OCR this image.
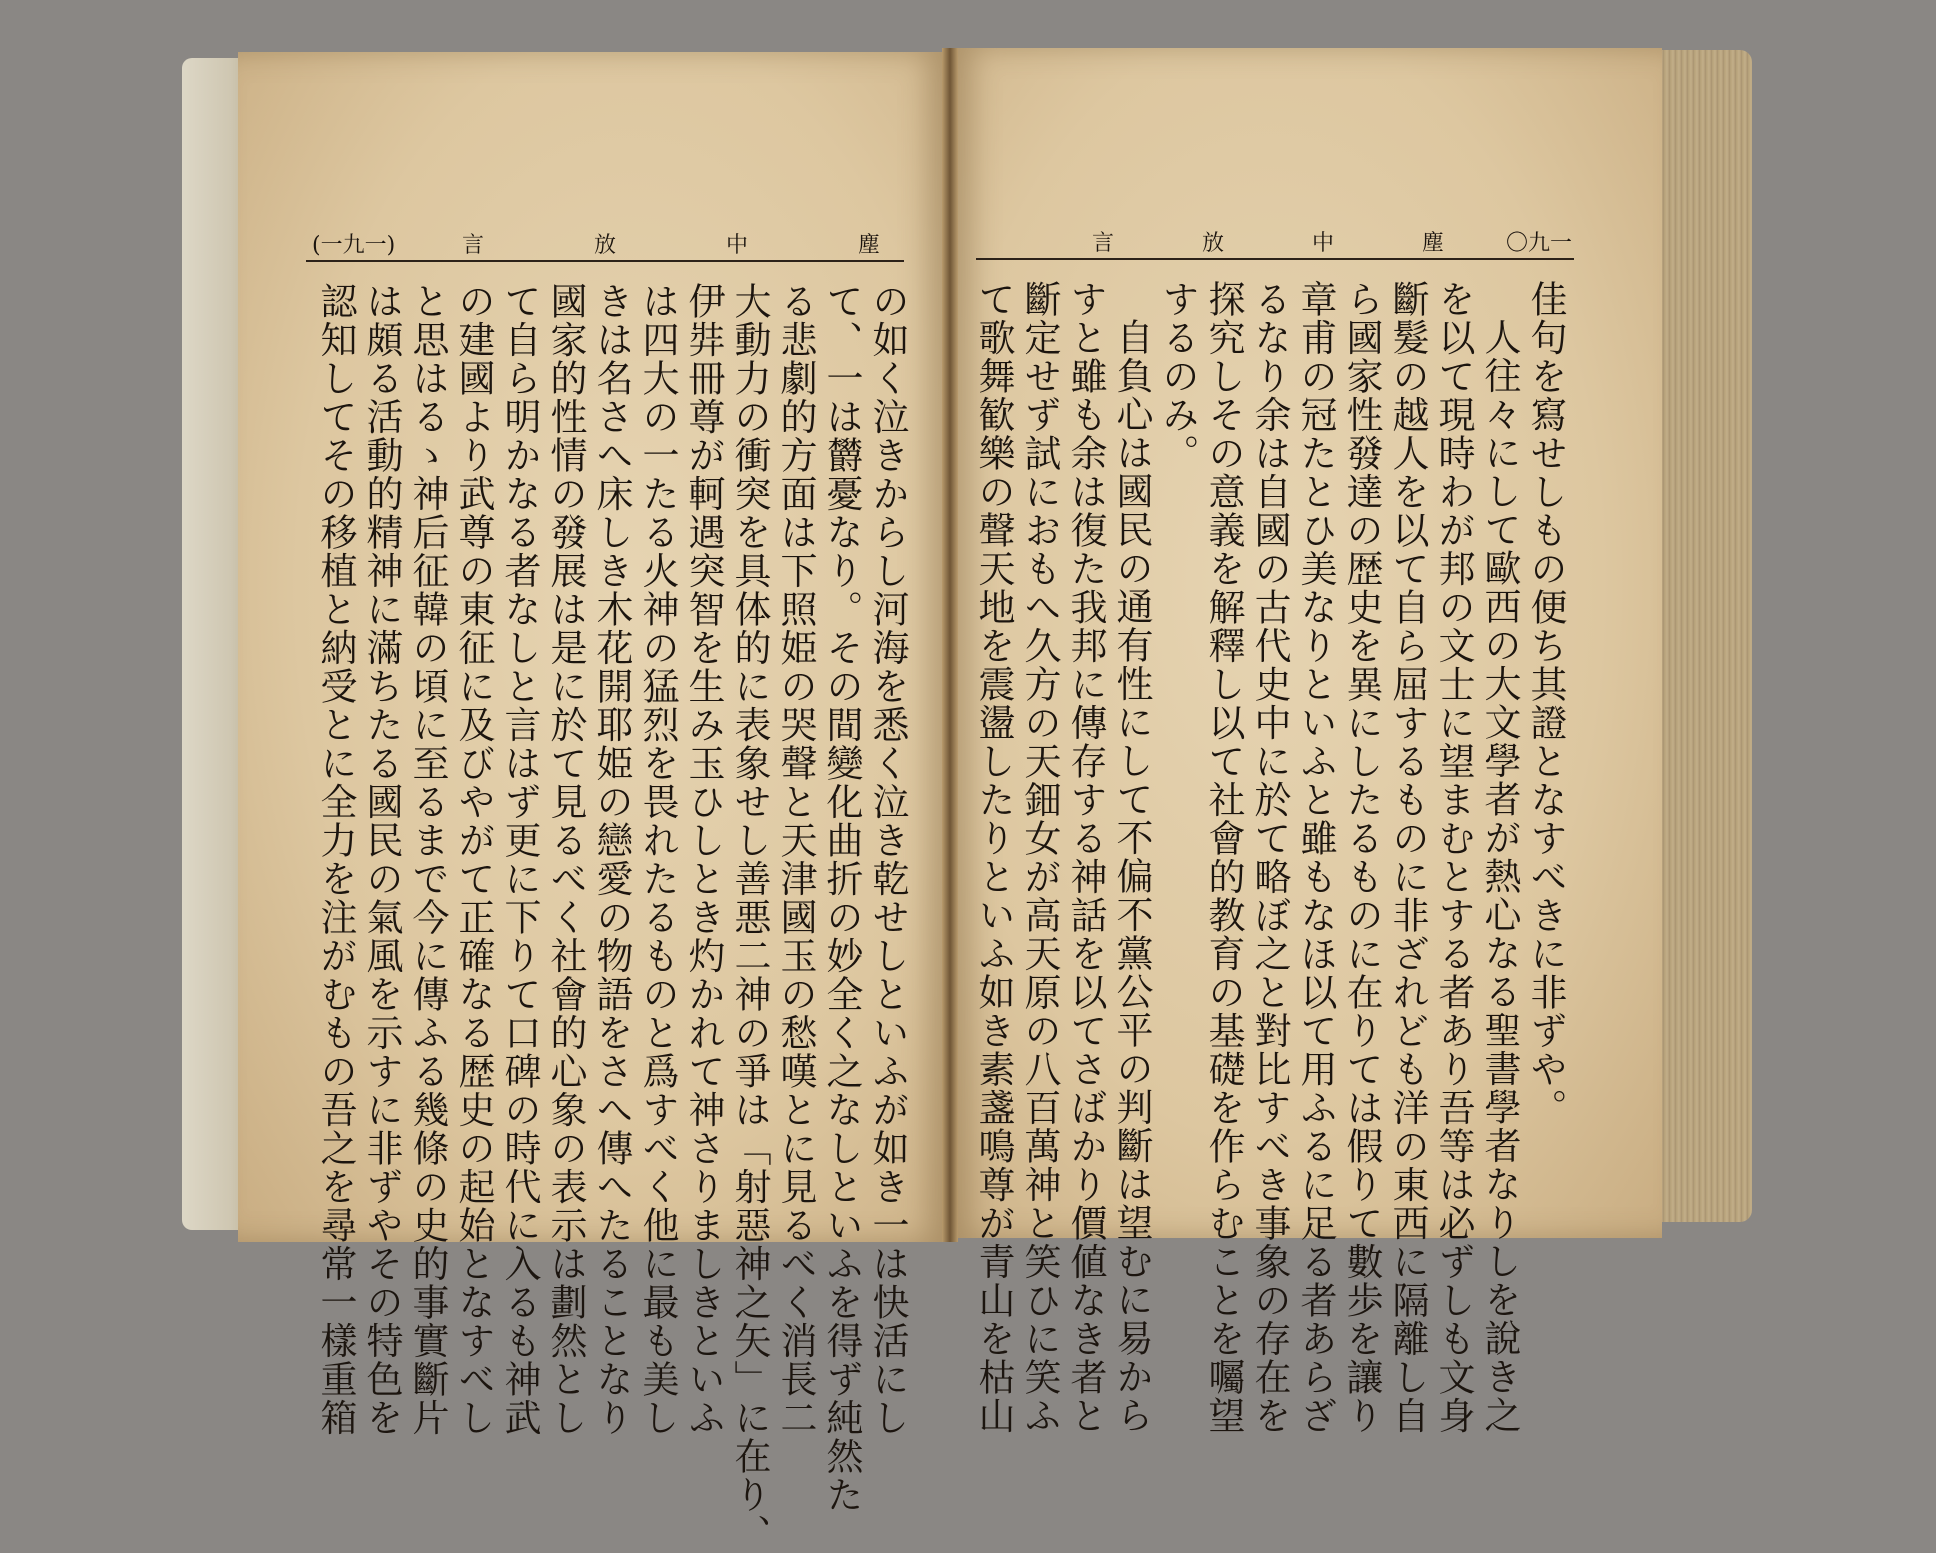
(一九一)	言	放	中	塵	言	放	中	塵	〇九一
の如く泣きからし河海を悉く泣き乾せしといふが如き一は快活にし
て、一は欝憂なり。その間變化曲折の妙全く之なしといふを得ず純然た
る悲劇的方面は下照姫の哭聲と天津國玉の愁嘆とに見るべく消長二
大動力の衝突を具体的に表象せし善悪二神の爭は「射惡神之矢」に在り、
伊弉冊尊が軻遇突智を生み玉ひしとき灼かれて神さりましきといふ
は四大の一たる火神の猛烈を畏れたるものと爲すべく他に最も美し
きは名さへ床しき木花開耶姫の戀愛の物語をさへ傳へたることなり
國家的性情の發展は是に於て見るべく社會的心象の表示は劃然とし
て自ら明かなる者なしと言はず更に下りて口碑の時代に入るも神武
の建國より武尊の東征に及びやがて正確なる歴史の起始となすべし
と思はるゝ神后征韓の頃に至るまで今に傳ふる幾條の史的事實斷片
は頗る活動的精神に滿ちたる國民の氣風を示すに非ずやその特色を
認知してその移植と納受とに全力を注がむもの吾之を尋常一樣重箱	佳句を寫せしもの便ち其證となすべきに非ずや。
人往々にして歐西の大文學者が熱心なる聖書學者なりしを說き之
を以て現時わが邦の文士に望まむとする者あり吾等は必ずしも文身
斷髮の越人を以て自ら屈するものに非ざれども洋の東西に隔離し自
ら國家性發達の歴史を異にしたるものに在りては假りて數歩を讓り
章甫の冠たとひ美なりといふと雖もなほ以て用ふるに足る者あらざ
るなり余は自國の古代史中に於て略ぼ之と對比すべき事象の存在を
探究しその意義を解釋し以て社會的教育の基礎を作らむことを囑望
するのみ。
自負心は國民の通有性にして不偏不黨公平の判斷は望むに易から
すと雖も余は復た我邦に傳存する神話を以てさばかり價値なき者と
斷定せず試におもへ久方の天鈿女が高天原の八百萬神と笑ひに笑ふ
て歌舞歓樂の聲天地を震盪したりといふ如き素盞鳴尊が青山を枯山
